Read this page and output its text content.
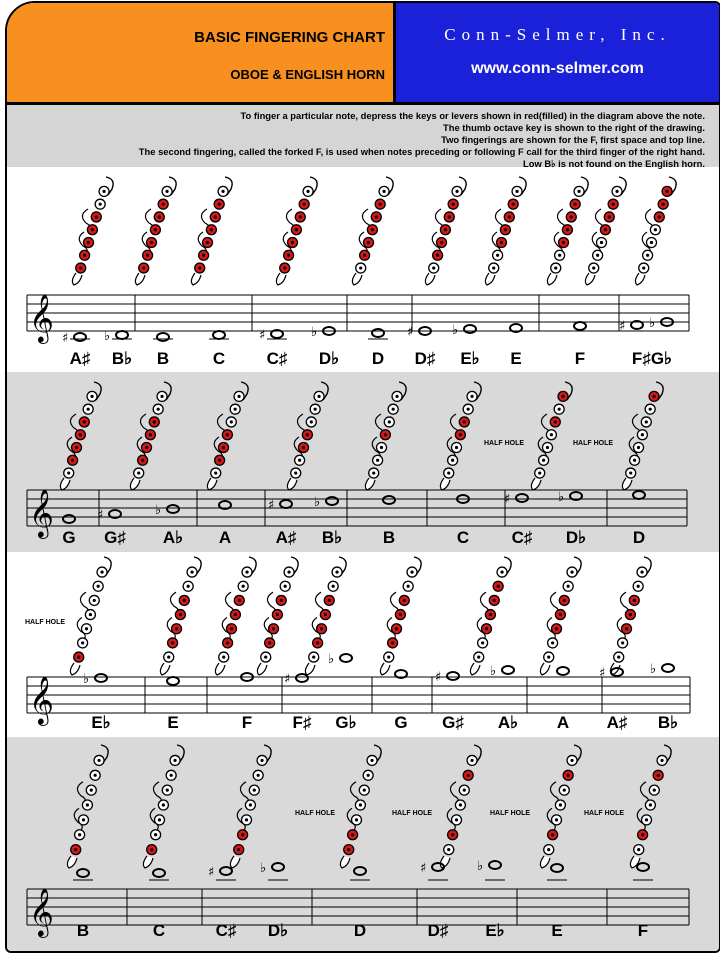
BASIC FINGERING CHART
OBOE & ENGLISH HORN
Conn-Selmer, Inc.
www.conn-selmer.com
To finger a particular note, depress the keys or levers shown in red(filled) in the diagram above the note.
The thumb octave key is shown to the right of the drawing.
Two fingerings are shown for the F, first space and top line.
The second fingering, called the forked F, is used when notes preceding or following F call for the third finger of the right hand.
Low B♭ is not found on the English horn.
𝄞 ♯	♭	♯	♭	♯	♭	♯ ♭
A♯ B♭ B	C C♯ D♭ D D♯ E♭ E	F	F♯G♭
𝄞	♯	♭	♯	♭	♯	♭
HALF HOLE	HALF HOLE
G G♯ A♭ A	A♯ B♭ B	C C♯ D♭	D
𝄞 ♭	♯
♭
♯	♭	♯	♭
HALF HOLE
E♭	E	F F♯ G♭ G G♯ A♭ A A♯ B♭
𝄞
♯	♭	♯	♭
HALF HOLE	HALF HOLE	HALF HOLE	HALF HOLE
B	C	C♯ D♭	D	D♯ E♭	E	F
